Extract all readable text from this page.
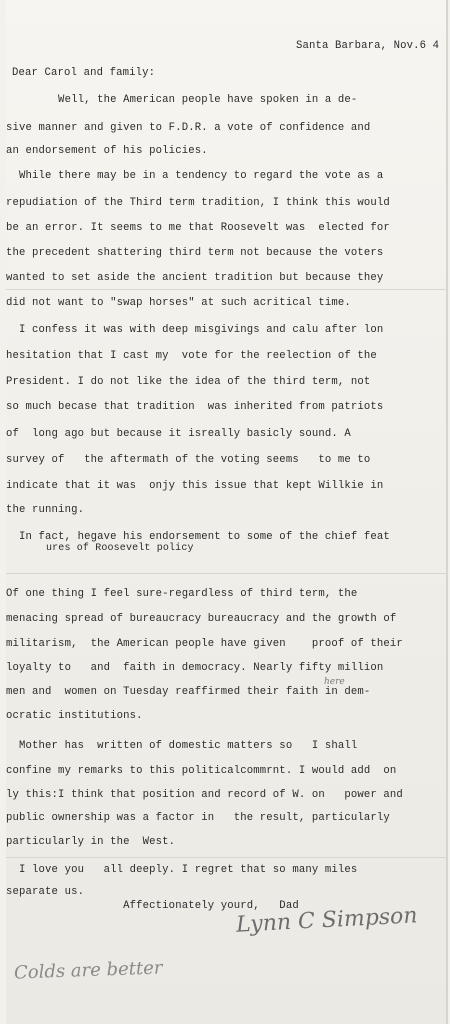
Santa Barbara, Nov.6 4
Dear Carol and family:
Well, the American people have spoken in a de-
sive manner and given to F.D.R. a vote of confidence and
an endorsement of his policies.
While there may be in a tendency to regard the vote as a
repudiation of the Third term tradition, I think this would
be an error. It seems to me that Roosevelt was  elected for
the precedent shattering third term not because the voters
wanted to set aside the ancient tradition but because they
did not want to "swap horses" at such acritical time.
I confess it was with deep misgivings and calu after lon
hesitation that I cast my  vote for the reelection of the
President. I do not like the idea of the third term, not
so much becase that tradition  was inherited from patriots
of  long ago but because it isreally basicly sound. A
survey of   the aftermath of the voting seems   to me to
indicate that it was  onjy this issue that kept Willkie in
the running.
In fact, hegave his endorsement to some of the chief feat
ures of Roosevelt policy
Of one thing I feel sure-regardless of third term, the
menacing spread of bureaucracy bureaucracy and the growth of
here
militarism,  the American people have given    proof of their
loyalty to   and  faith in democracy. Nearly fifty million
men and  women on Tuesday reaffirmed their faith in dem-
ocratic institutions.
Mother has  written of domestic matters so   I shall
confine my remarks to this politicalcommrnt. I would add  on
ly this:I think that position and record of W. on   power and
public ownership was a factor in   the result, particularly
particularly in the  West.
I love you   all deeply. I regret that so many miles
separate us.
Affectionately yourd,   Dad
Lynn C Simpson
Colds are better
